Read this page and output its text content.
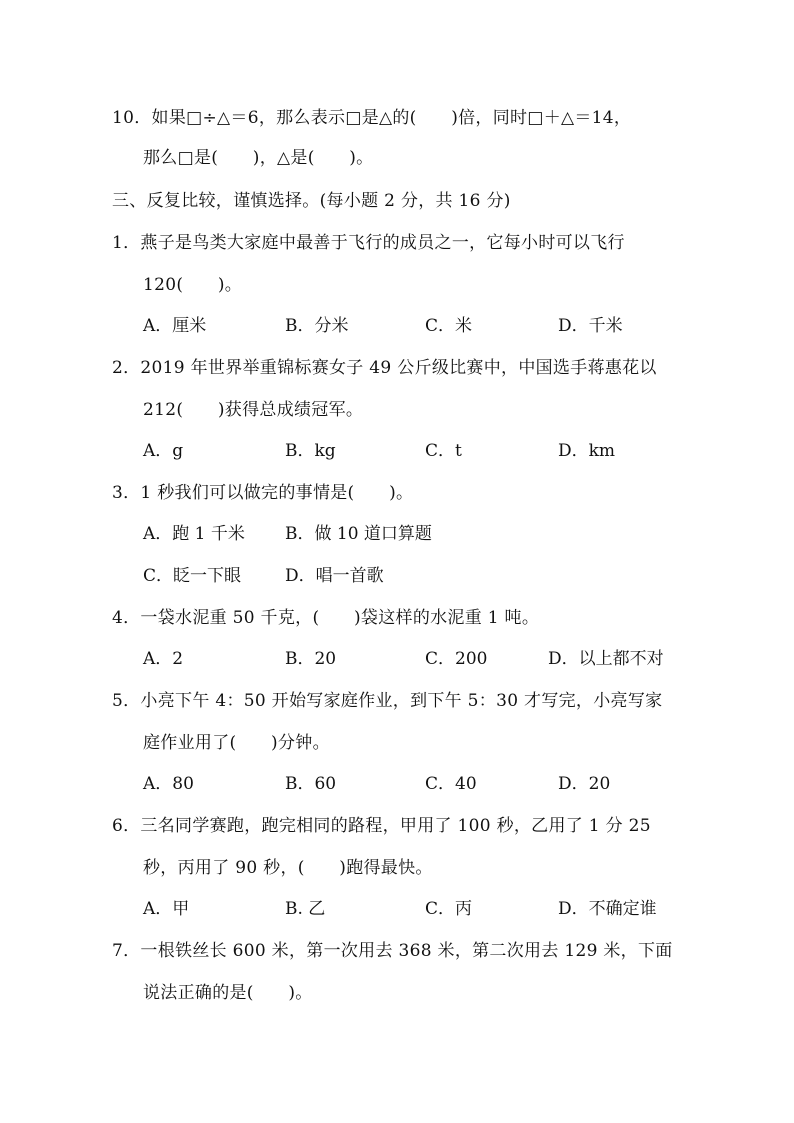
10．如果□÷△＝6，那么表示□是△的(　　)倍，同时□＋△＝14，
那么□是(　　)，△是(　　)。
三、反复比较，谨慎选择。(每小题 2 分，共 16 分)
1．燕子是鸟类大家庭中最善于飞行的成员之一，它每小时可以飞行
120(　　)。
A．厘米	B．分米	C．米	D．千米
2．2019 年世界举重锦标赛女子 49 公斤级比赛中，中国选手蒋惠花以
212(　　)获得总成绩冠军。
A．g	B．kg	C．t	D．km
3．1 秒我们可以做完的事情是(　　)。
A．跑 1 千米 B．做 10 道口算题
C．眨一下眼	D．唱一首歌
4．一袋水泥重 50 千克，(　　)袋这样的水泥重 1 吨。
A．2	B．20	C．200	D．以上都不对
5．小亮下午 4：50 开始写家庭作业，到下午 5：30 才写完，小亮写家
庭作业用了(　　)分钟。
A．80	B．60	C．40	D．20
6．三名同学赛跑，跑完相同的路程，甲用了 100 秒，乙用了 1 分 25
秒，丙用了 90 秒，(　　)跑得最快。
A．甲	B. 乙	C．丙	D．不确定谁
7．一根铁丝长 600 米，第一次用去 368 米，第二次用去 129 米，下面
说法正确的是(　　)。
